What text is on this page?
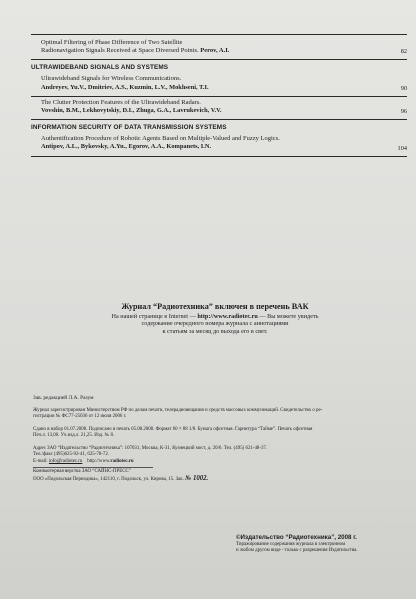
Optimal Filtering of Phase Difference of Two Satellite
Radionavigation Signals Received at Space Diversed Points. Perov, A.I.	82
ULTRAWIDEBAND SIGNALS AND SYSTEMS
Ultrawideband Signals for Wireless Communications.
Andreyev, Yu.V., Dmitriev, A.S., Kuzmin, L.V., Mokhseni, T.I.	90
The Clutter Protection Features of the Ultrawideband Radars.
Vovshin, B.M., Lekhovytskiy, D.I., Zhuga, G.A., Lavrukevich, V.V.	96
INFORMATION SECURITY OF DATA TRANSMISSION SYSTEMS
Authentification Procedure of Robotic Agents Based on Multiple-Valued and Fuzzy Logics.
Antipov, A.L., Bykovsky, A.Yu., Egorov, A.A., Kompanets, I.N.	104
Журнал “Радиотехника” включен в перечень ВАК
На нашей странице в Internet — http://www.radiotec.ru — Вы можете увидеть
содержание очередного номера журнала с аннотациями
к статьям за месяц до выхода его в свет.

Зав. редакцией Л.А. Разум

Журнал зарегистрирован Министерством РФ по делам печати, телерадиовещания и средств массовых коммуникаций. Свидетельство о ре-

гистрации № ФС77-25036 от 12 июля 2006 г.

Сдано в набор 01.07.2008. Подписано в печать 05.08.2008. Формат 60 × 88 1/8. Бумага офсетная. Гарнитура “Тайме”. Печать офсетная

Печ.л. 13,00. Уч.изд.л. 21,25. Изд. № 8.

Адрес ЗАО “Издательство “Радиотехника”: 107031, Москва, К-31, Кузнецкий мост, д. 20/6. Тел. (495) 621-48-37.

Тел./факс (495)625-92-41, 625-78-72.

E-mail: info@radiotec.ru http://www.radiotec.ru

Компьютерная верстка ЗАО “САЙНС-ПРЕСС”

ООО «Подольская Периодика», 142110, г. Подольск, ул. Кирова, 15. Зак. № 1002.

©Издательство “Радиотехника”, 2008 г.

Тиражирование содержания журнала в электронном

и любом другом виде - только с разрешения Издательства.
